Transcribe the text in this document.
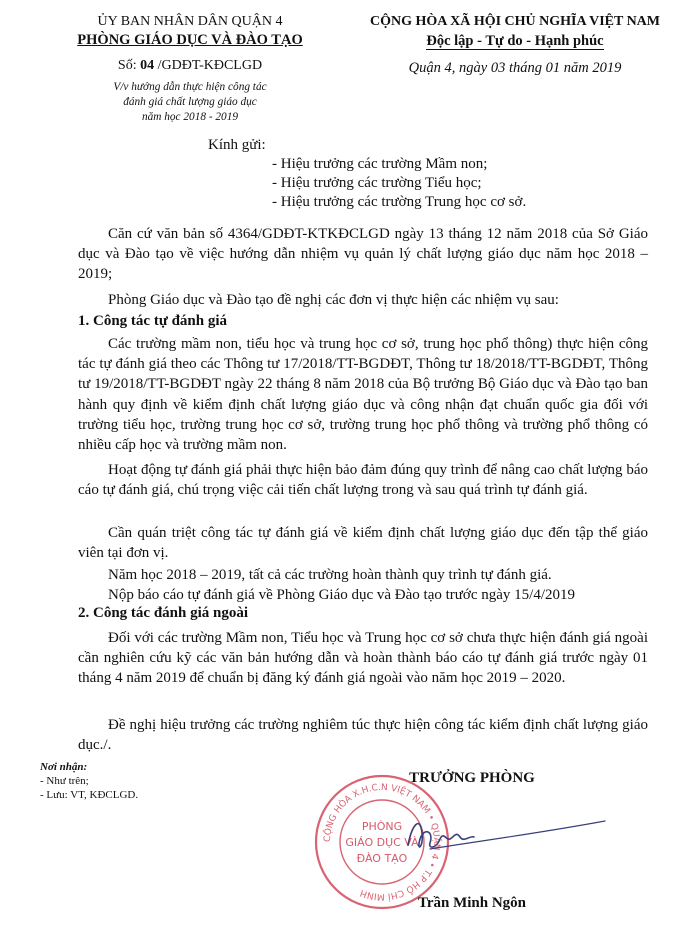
ỦY BAN NHÂN DÂN QUẬN 4
PHÒNG GIÁO DỤC VÀ ĐÀO TẠO
Số: 04 /GDĐT-KĐCLGD
V/v hướng dẫn thực hiện công tác
đánh giá chất lượng giáo dục
năm học 2018 - 2019
CỘNG HÒA XÃ HỘI CHỦ NGHĨA VIỆT NAM
Độc lập - Tự do - Hạnh phúc
Quận 4, ngày 03 tháng 01 năm 2019
Kính gửi:
- Hiệu trưởng các trường Mầm non;
- Hiệu trưởng các trường Tiểu học;
- Hiệu trưởng các trường Trung học cơ sở.
Căn cứ văn bản số 4364/GDĐT-KTKĐCLGD ngày 13 tháng 12 năm 2018 của Sở Giáo dục và Đào tạo về việc hướng dẫn nhiệm vụ quản lý chất lượng giáo dục năm học 2018 – 2019;
Phòng Giáo dục và Đào tạo đề nghị các đơn vị thực hiện các nhiệm vụ sau:
1. Công tác tự đánh giá
Các trường mầm non, tiểu học và trung học cơ sở, trung học phổ thông) thực hiện công tác tự đánh giá theo các Thông tư 17/2018/TT-BGDĐT, Thông tư 18/2018/TT-BGDĐT, Thông tư 19/2018/TT-BGDĐT ngày 22 tháng 8 năm 2018 của Bộ trưởng Bộ Giáo dục và Đào tạo ban hành quy định về kiểm định chất lượng giáo dục và công nhận đạt chuẩn quốc gia đối với trường tiểu học, trường trung học cơ sở, trường trung học phổ thông và trường phổ thông có nhiều cấp học và trường mầm non.
Hoạt động tự đánh giá phải thực hiện bảo đảm đúng quy trình để nâng cao chất lượng báo cáo tự đánh giá, chú trọng việc cải tiến chất lượng trong và sau quá trình tự đánh giá.
Cần quán triệt công tác tự đánh giá về kiểm định chất lượng giáo dục đến tập thể giáo viên tại đơn vị.
Năm học 2018 – 2019, tất cả các trường hoàn thành quy trình tự đánh giá.
Nộp báo cáo tự đánh giá về Phòng Giáo dục và Đào tạo trước ngày 15/4/2019
2. Công tác đánh giá ngoài
Đối với các trường Mầm non, Tiểu học và Trung học cơ sở chưa thực hiện đánh giá ngoài cần nghiên cứu kỹ các văn bản hướng dẫn và hoàn thành báo cáo tự đánh giá trước ngày 01 tháng 4 năm 2019 để chuẩn bị đăng ký đánh giá ngoài vào năm học 2019 – 2020.
Đề nghị hiệu trưởng các trường nghiêm túc thực hiện công tác kiểm định chất lượng giáo dục./.
Nơi nhận:
- Như trên;
- Lưu: VT, KĐCLGD.
CỘNG HÒA X.H.C.N VIỆT NAM • QUẬN 4 • T.P HỒ CHÍ MINH
PHÒNG
GIÁO DỤC VÀ
ĐÀO TẠO
TRƯỞNG PHÒNG
Trần Minh Ngôn
